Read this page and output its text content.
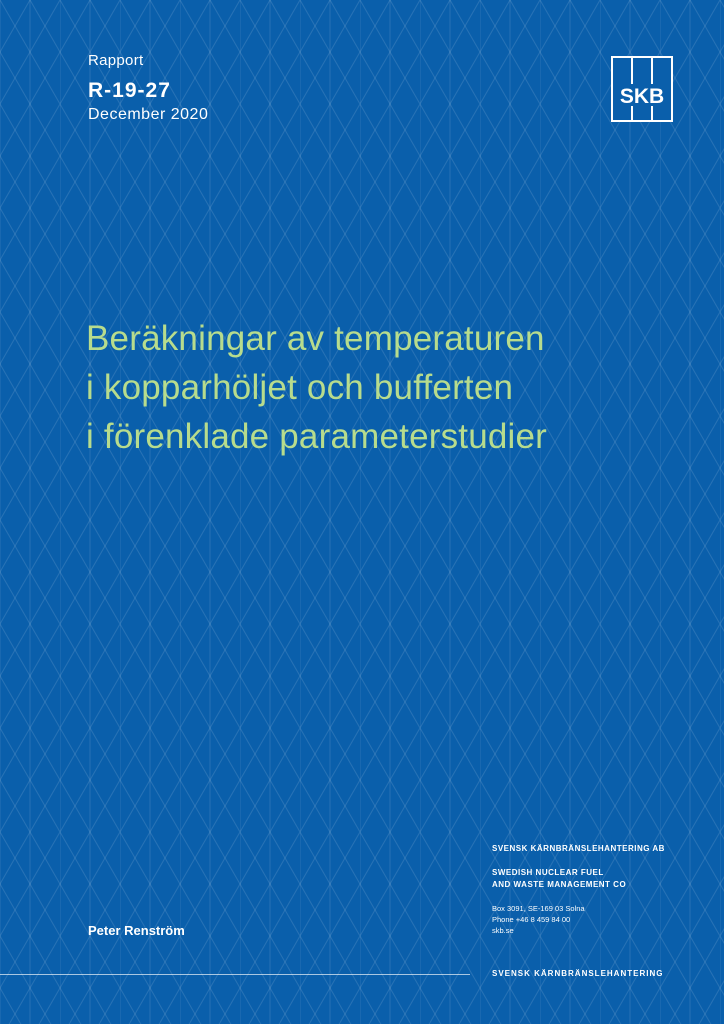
Rapport
R-19-27
December 2020
SKB
Beräkningar av temperaturen
i kopparhöljet och bufferten
i förenklade parameterstudier
Peter Renström
SVENSK KÄRNBRÄNSLEHANTERING AB
SWEDISH NUCLEAR FUEL
AND WASTE MANAGEMENT CO
Box 3091, SE-169 03 Solna
Phone +46 8 459 84 00
skb.se
SVENSK KÄRNBRÄNSLEHANTERING
